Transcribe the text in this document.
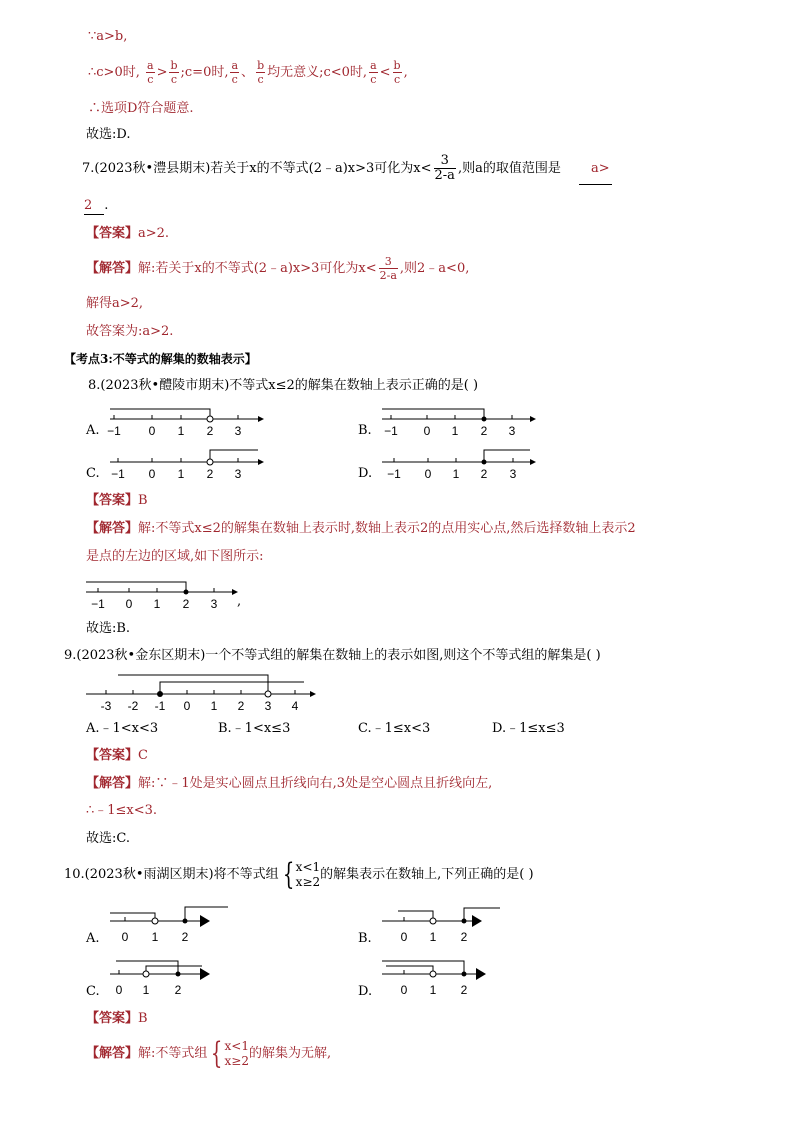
∵a>b,
∴c>0时, $\frac{a}{c} > \frac{b}{c}$ ;c=0时, $\frac{a}{c}$ 、 $\frac{b}{c}$ 均无意义;c<0时, $\frac{a}{c} < \frac{b}{c}$ ,
∴选项D符合题意.
故选:D.
7.(2023秋•澧县期末)若关于x的不等式(2﹣a)x>3可化为$x< \frac{3}{2-a}$ ,则a的取值范围是 a>
2 .
【答案】a>2.
【解答】解:若关于x的不等式(2﹣a)x>3可化为$x< \frac{3}{2-a}$ ,则2﹣a<0,
解得a>2,
故答案为:a>2.
【考点3:不等式的解集的数轴表示】
8.(2023秋•醴陵市期末)不等式x≤2的解集在数轴上表示正确的是( )
A. −1 0 1 2 3	B. −1 0 1 2 3
C. −1 0 1 2 3	D. −1 0 1 2 3
【答案】B
【解答】解:不等式x≤2的解集在数轴上表示时,数轴上表示2的点用实心点,然后选择数轴上表示2
是点的左边的区域,如下图所示:
−1 0 1 2 3 ,
故选:B.
9.(2023秋•金东区期末)一个不等式组的解集在数轴上的表示如图,则这个不等式组的解集是( )
-3 -2 -1 0 1 2 3 4
A.﹣1<x<3	B.﹣1<x≤3	C.﹣1≤x<3	D.﹣1≤x≤3
【答案】C
【解答】解:∵﹣1处是实心圆点且折线向右,3处是空心圆点且折线向左,
∴﹣1≤x<3.
故选:C.
10.(2023秋•雨湖区期末)将不等式组 { x<1
x≥2 的解集表示在数轴上,下列正确的是( )
A. 0 1 2	B. 0 1 2
C. 0 1 2	D. 0 1 2
【答案】B
【解答】解:不等式组 { x<1
x≥2 的解集为无解,
